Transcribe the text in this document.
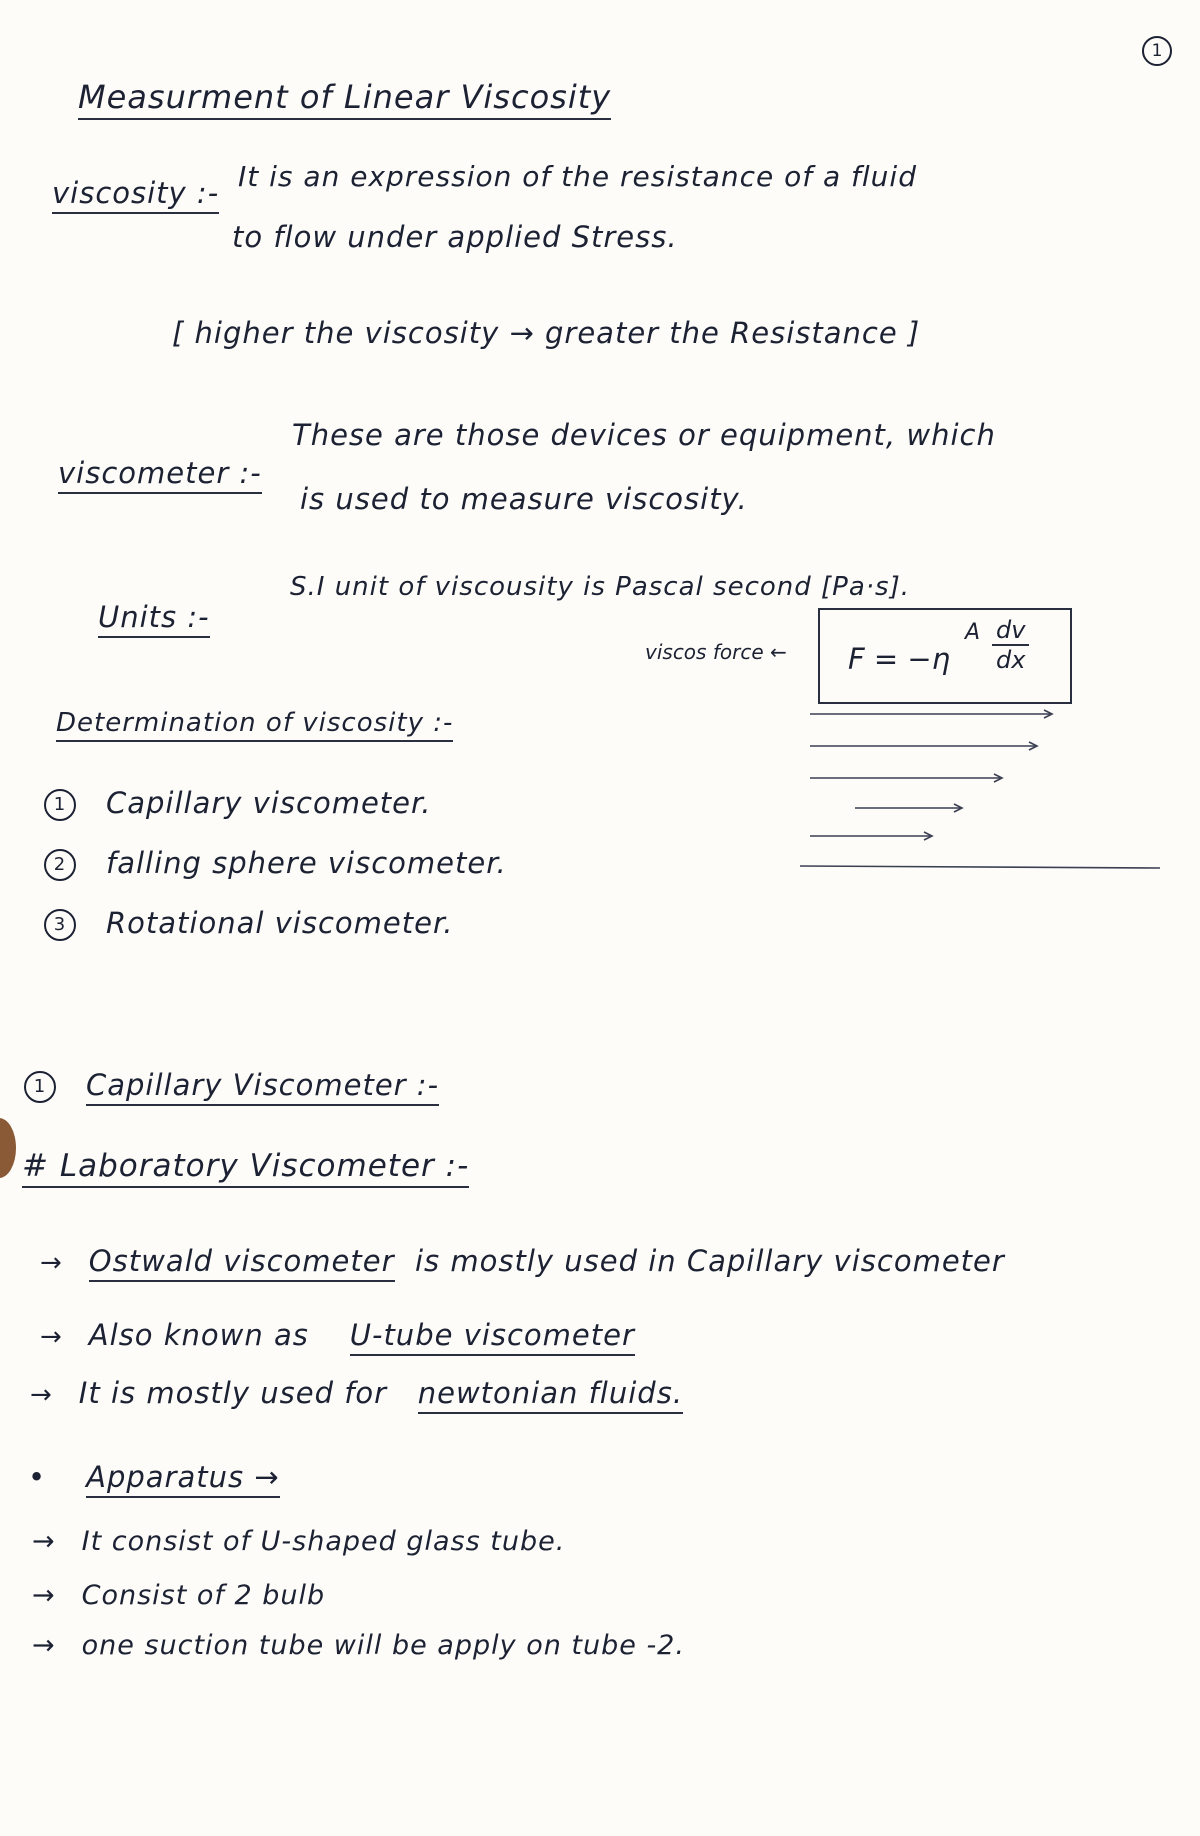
1
Measurment of Linear Viscosity
viscosity :- It is an expression of the resistance of a fluid
to flow under applied Stress.
[ higher the viscosity → greater the Resistance ]
viscometer :-
These are those devices or equipment, which
is used to measure viscosity.
Units :-
S.I unit of viscousity is Pascal second [Pa·s].
viscos force ← F = −η
A $\frac{dv}{dx}$
Determination of viscosity :-
1 Capillary viscometer.
2 falling sphere viscometer.
3 Rotational viscometer.
1 Capillary Viscometer :-
# Laboratory Viscometer :-
→ Ostwald viscometer is mostly used in Capillary viscometer
→ Also known as U-tube viscometer
→ It is mostly used for newtonian fluids.
• Apparatus →
→ It consist of U-shaped glass tube.
→ Consist of 2 bulb
→ one suction tube will be apply on tube -2.
